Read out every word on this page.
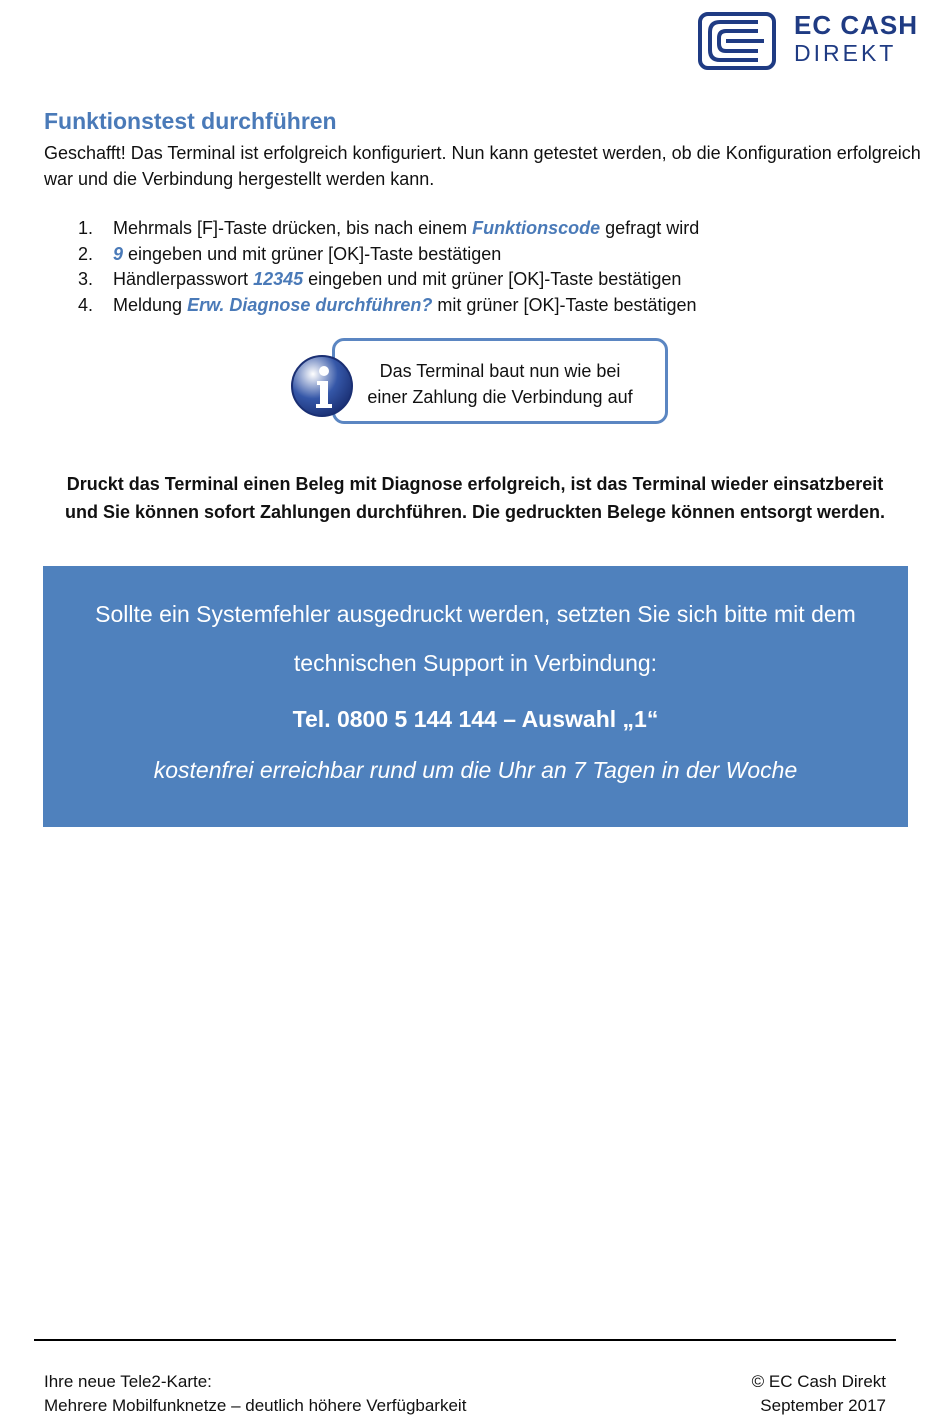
EC CASH
DIREKT
Funktionstest durchführen
Geschafft! Das Terminal ist erfolgreich konfiguriert. Nun kann getestet werden, ob die Konfiguration erfolgreich war und die Verbindung hergestellt werden kann.
1. Mehrmals [F]-Taste drücken, bis nach einem Funktionscode gefragt wird
2. 9 eingeben und mit grüner [OK]-Taste bestätigen
3. Händlerpasswort 12345 eingeben und mit grüner [OK]-Taste bestätigen
4. Meldung Erw. Diagnose durchführen? mit grüner [OK]-Taste bestätigen
Das Terminal baut nun wie bei
einer Zahlung die Verbindung auf
Druckt das Terminal einen Beleg mit Diagnose erfolgreich, ist das Terminal wieder einsatzbereit
und Sie können sofort Zahlungen durchführen. Die gedruckten Belege können entsorgt werden.
Sollte ein Systemfehler ausgedruckt werden, setzten Sie sich bitte mit dem
technischen Support in Verbindung:
Tel. 0800 5 144 144 – Auswahl „1“
kostenfrei erreichbar rund um die Uhr an 7 Tagen in der Woche
Ihre neue Tele2-Karte:
Mehrere Mobilfunknetze – deutlich höhere Verfügbarkeit
© EC Cash Direkt
September 2017
